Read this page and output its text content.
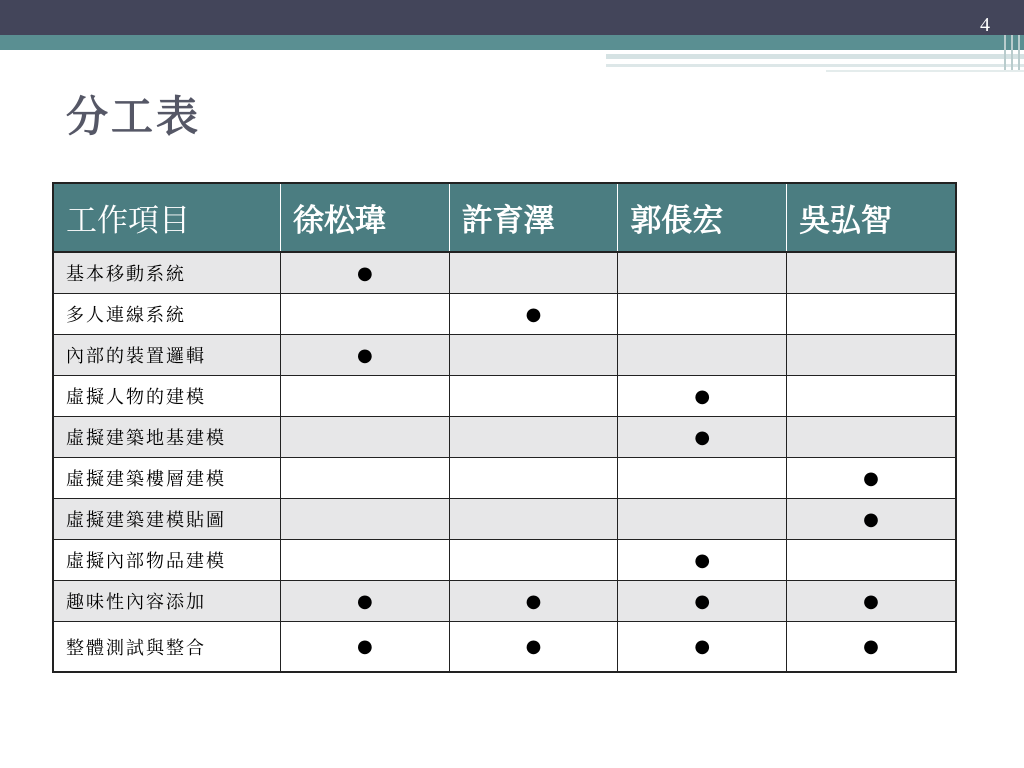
4
分工表
工作項目	徐松瑋	許育澤	郭倀宏	吳弘智
基本移動系統	●			
多人連線系統		●		
內部的裝置邏輯	●			
虛擬人物的建模			●	
虛擬建築地基建模			●	
虛擬建築樓層建模				●
虛擬建築建模貼圖				●
虛擬內部物品建模			●	
趣味性內容添加	●	●	●	●
整體測試與整合	●	●	●	●
